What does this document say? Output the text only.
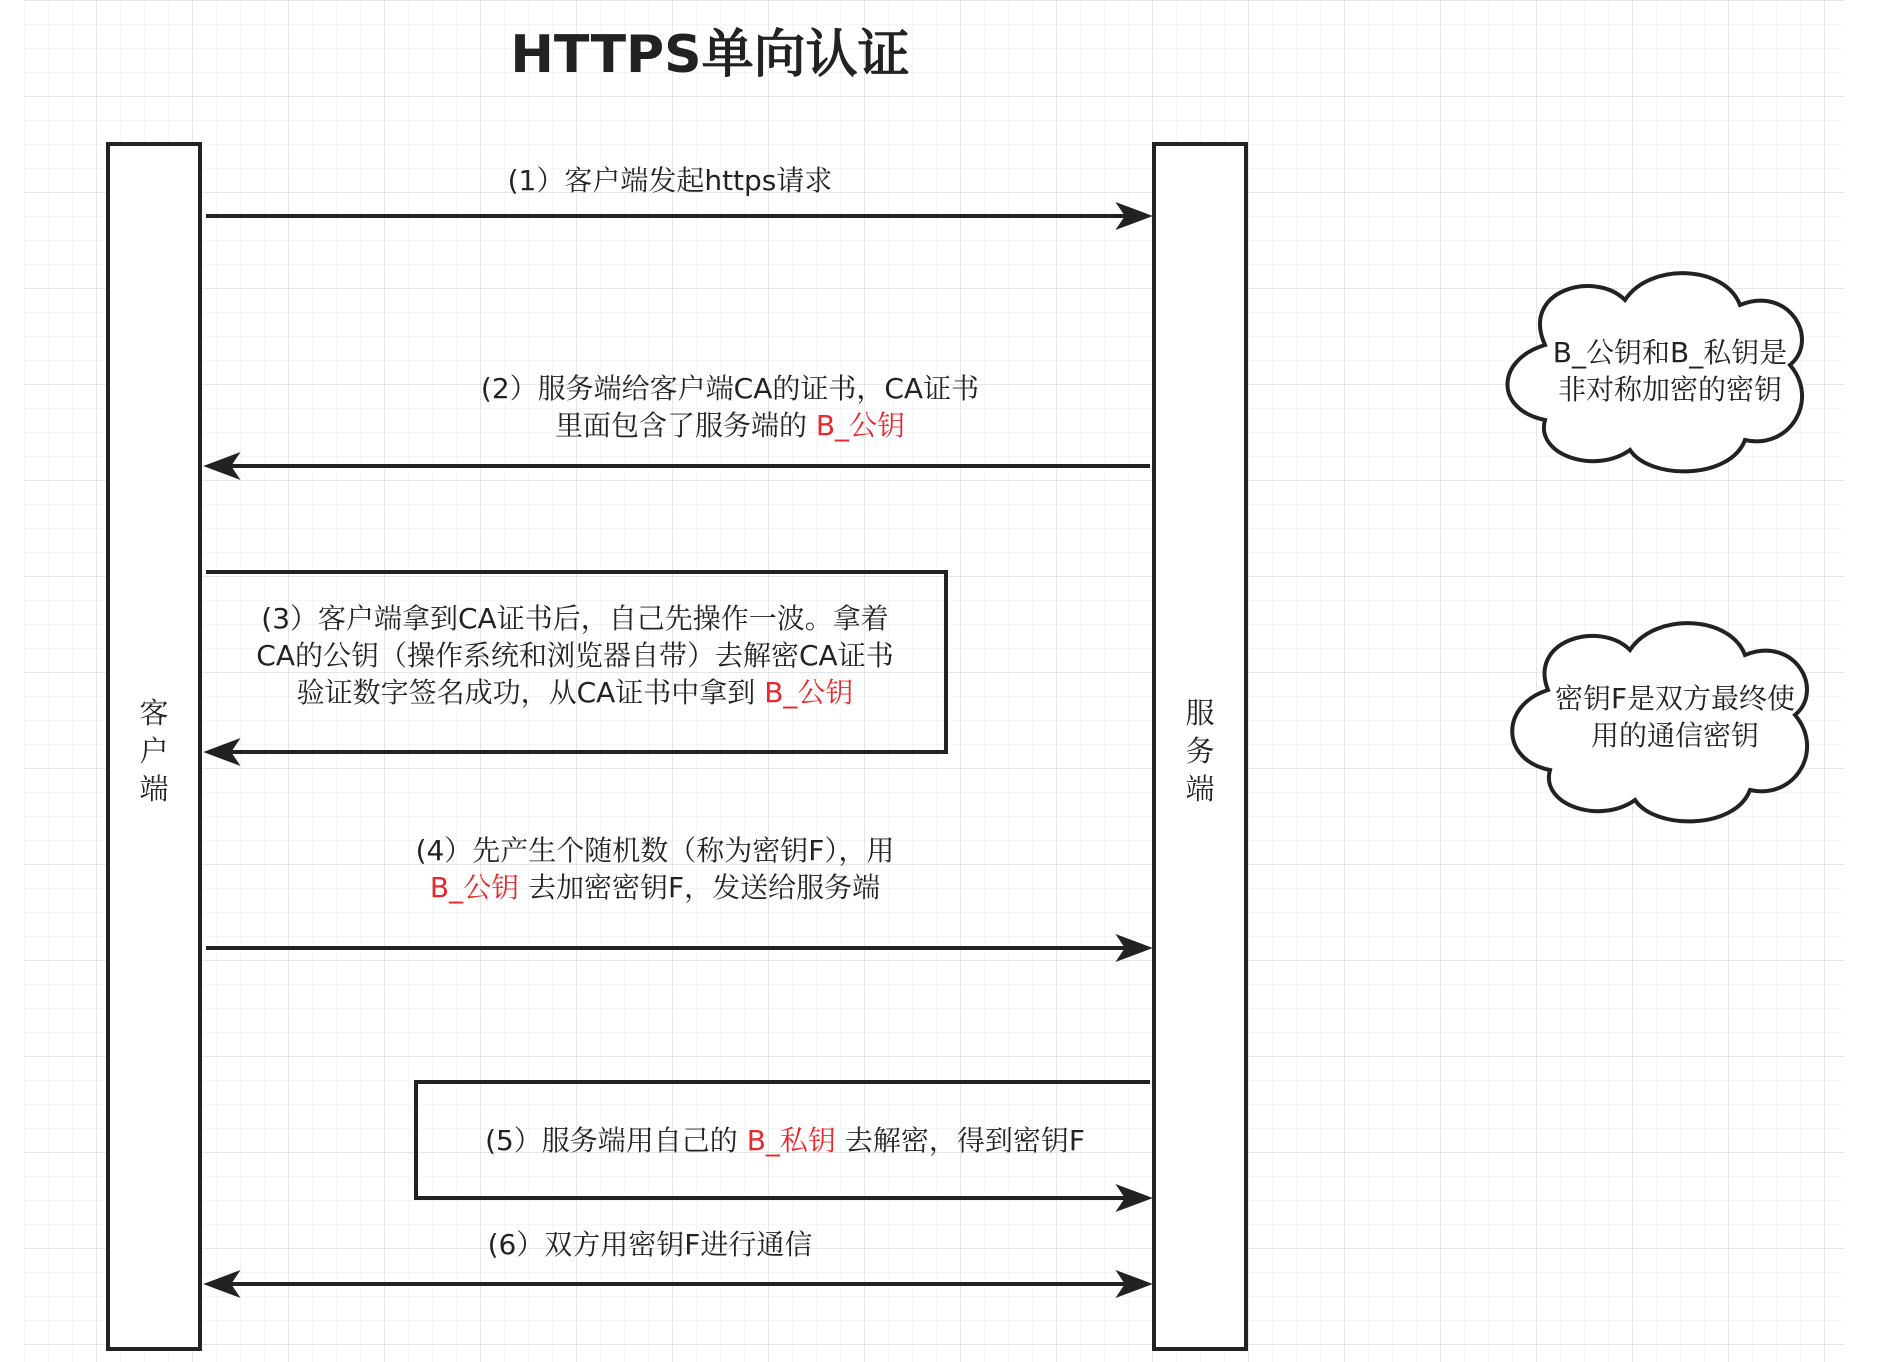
HTTPS单向认证
客户端
服务端
(1）客户端发起https请求
(2）服务端给客户端CA的证书，CA证书
里面包含了服务端的 B_公钥
(3）客户端拿到CA证书后，自己先操作一波。拿着
CA的公钥（操作系统和浏览器自带）去解密CA证书
验证数字签名成功，从CA证书中拿到 B_公钥
(4）先产生个随机数（称为密钥F），用
B_公钥 去加密密钥F，发送给服务端
(5）服务端用自己的 B_私钥 去解密，得到密钥F
(6）双方用密钥F进行通信
B_公钥和B_私钥是
非对称加密的密钥
密钥F是双方最终使
用的通信密钥
